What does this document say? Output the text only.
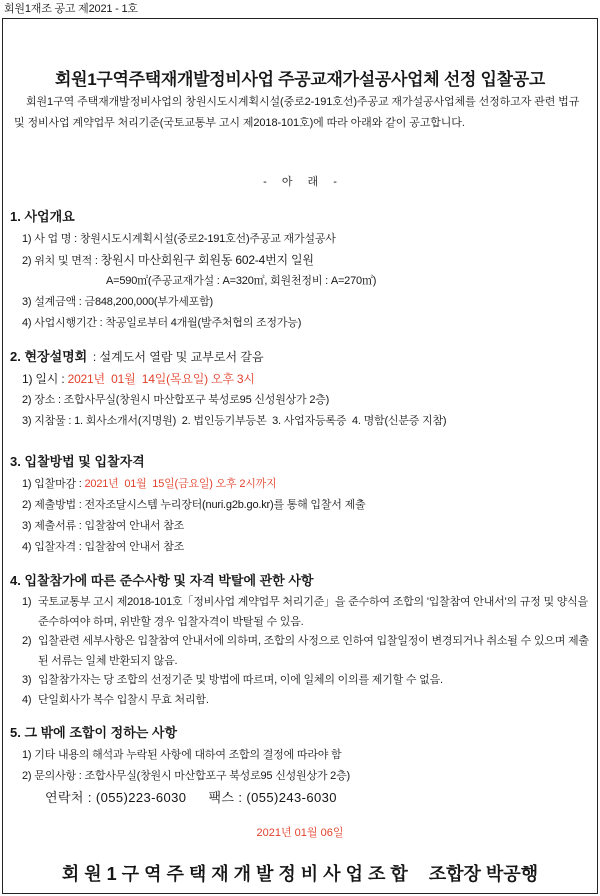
회원1재조 공고 제2021 - 1호
회원1구역주택재개발정비사업 주공교재가설공사업체 선정 입찰공고

회원1구역 주택재개발정비사업의 창원시도시계획시설(중로2-191호선)주공교 재가설공사업체를 선정하고자 관련 법규 및 정비사업 계약업무 처리기준(국토교통부 고시 제2018-101호)에 따라 아래와 같이 공고합니다.

- 아 래 -
1. 사업개요
1) 사 업 명 : 창원시도시계획시설(중로2-191호선)주공교 재가설공사
2) 위치 및 면적 : 창원시 마산회원구 회원동 602-4번지 일원
A=590㎡(주공교재가설 : A=320㎡, 회원천정비 : A=270㎡)
3) 설계금액 : 금848,200,000(부가세포함)
4) 사업시행기간 : 착공일로부터 4개월(발주처협의 조정가능)
2. 현장설명회 : 설계도서 열람 및 교부로서 갈음
1) 일시 : 2021년  01월  14일(목요일) 오후 3시
2) 장소 : 조합사무실(창원시 마산합포구 북성로95 신성원상가 2층)
3) 지참물 : 1. 회사소개서(지명원)  2. 법인등기부등본  3. 사업자등록증  4. 명함(신분증 지참)
3. 입찰방법 및 입찰자격
1) 입찰마감 : 2021년  01월  15일(금요일) 오후 2시까지
2) 제출방법 : 전자조달시스템 누리장터(nuri.g2b.go.kr)를 통해 입찰서 제출
3) 제출서류 : 입찰참여 안내서 참조
4) 입찰자격 : 입찰참여 안내서 참조
4. 입찰참가에 따른 준수사항 및 자격 박탈에 관한 사항
1) 국토교통부 고시 제2018-101호「정비사업 계약업무 처리기준」을 준수하여 조합의 '입찰참여 안내서'의 규정 및 양식을 준수하여야 하며, 위반할 경우 입찰자격이 박탈될 수 있음.
2) 입찰관련 세부사항은 입찰참여 안내서에 의하며, 조합의 사정으로 인하여 입찰일정이 변경되거나 취소될 수 있으며 제출된 서류는 일체 반환되지 않음.
3) 입찰참가자는 당 조합의 선정기준 및 방법에 따르며, 이에 일체의 이의를 제기할 수 없음.
4) 단일회사가 복수 입찰시 무효 처리함.
5. 그 밖에 조합이 정하는 사항
1) 기타 내용의 해석과 누락된 사항에 대하여 조합의 결정에 따라야 함
2) 문의사항 : 조합사무실(창원시 마산합포구 북성로95 신성원상가 2층)
연락처 : (055)223-6030 팩스 : (055)243-6030
2021년 01월 06일
회 원 1 구 역 주 택 재 개 발 정 비 사 업 조 합 조합장 박공행
